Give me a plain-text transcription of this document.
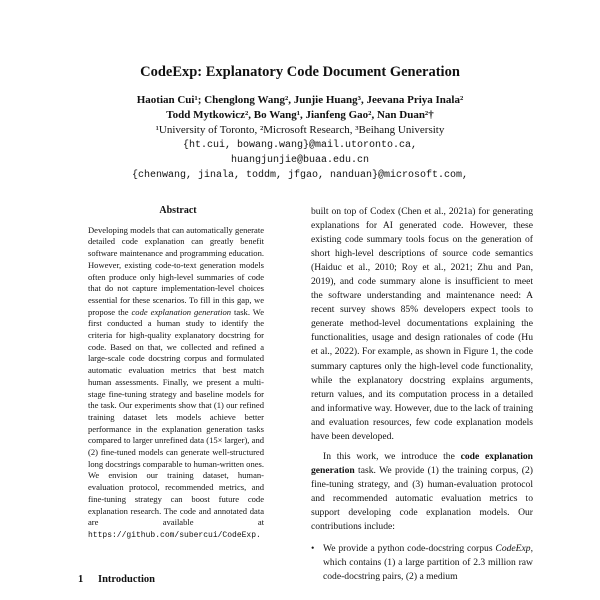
CodeExp: Explanatory Code Document Generation
Haotian Cui¹; Chenglong Wang², Junjie Huang³, Jeevana Priya Inala²
Todd Mytkowicz², Bo Wang¹, Jianfeng Gao², Nan Duan²†
¹University of Toronto, ²Microsoft Research, ³Beihang University
{ht.cui, bowang.wang}@mail.utoronto.ca,
huangjunjie@buaa.edu.cn
{chenwang, jinala, toddm, jfgao, nanduan}@microsoft.com,
Abstract

Developing models that can automatically generate detailed code explanation can greatly benefit software maintenance and programming education. However, existing code-to-text generation models often produce only high-level summaries of code that do not capture implementation-level choices essential for these scenarios. To fill in this gap, we propose the code explanation generation task. We first conducted a human study to identify the criteria for high-quality explanatory docstring for code. Based on that, we collected and refined a large-scale code docstring corpus and formulated automatic evaluation metrics that best match human assessments. Finally, we present a multi-stage fine-tuning strategy and baseline models for the task. Our experiments show that (1) our refined training dataset lets models achieve better performance in the explanation generation tasks compared to larger unrefined data (15× larger), and (2) fine-tuned models can generate well-structured long docstrings comparable to human-written ones. We envision our training dataset, human-evaluation protocol, recommended metrics, and fine-tuning strategy can boost future code explanation research. The code and annotated data are available at https://github.com/subercui/CodeExp.

1 Introduction

built on top of Codex (Chen et al., 2021a) for generating explanations for AI generated code. However, these existing code summary tools focus on the generation of short high-level descriptions of source code semantics (Haiduc et al., 2010; Roy et al., 2021; Zhu and Pan, 2019), and code summary alone is insufficient to meet the software understanding and maintenance need: A recent survey shows 85% developers expect tools to generate method-level documentations explaining the functionalities, usage and design rationales of code (Hu et al., 2022). For example, as shown in Figure 1, the code summary captures only the high-level code functionality, while the explanatory docstring explains arguments, return values, and its computation process in a detailed and informative way. However, due to the lack of training and evaluation resources, few code explanation models have been developed.

In this work, we introduce the code explanation generation task. We provide (1) the training corpus, (2) fine-tuning strategy, and (3) human-evaluation protocol and recommended automatic evaluation metrics to support developing code explanation models. Our contributions include:

• We provide a python code-docstring corpus CodeExp, which contains (1) a large partition of 2.3 million raw code-docstring pairs, (2) a medium
